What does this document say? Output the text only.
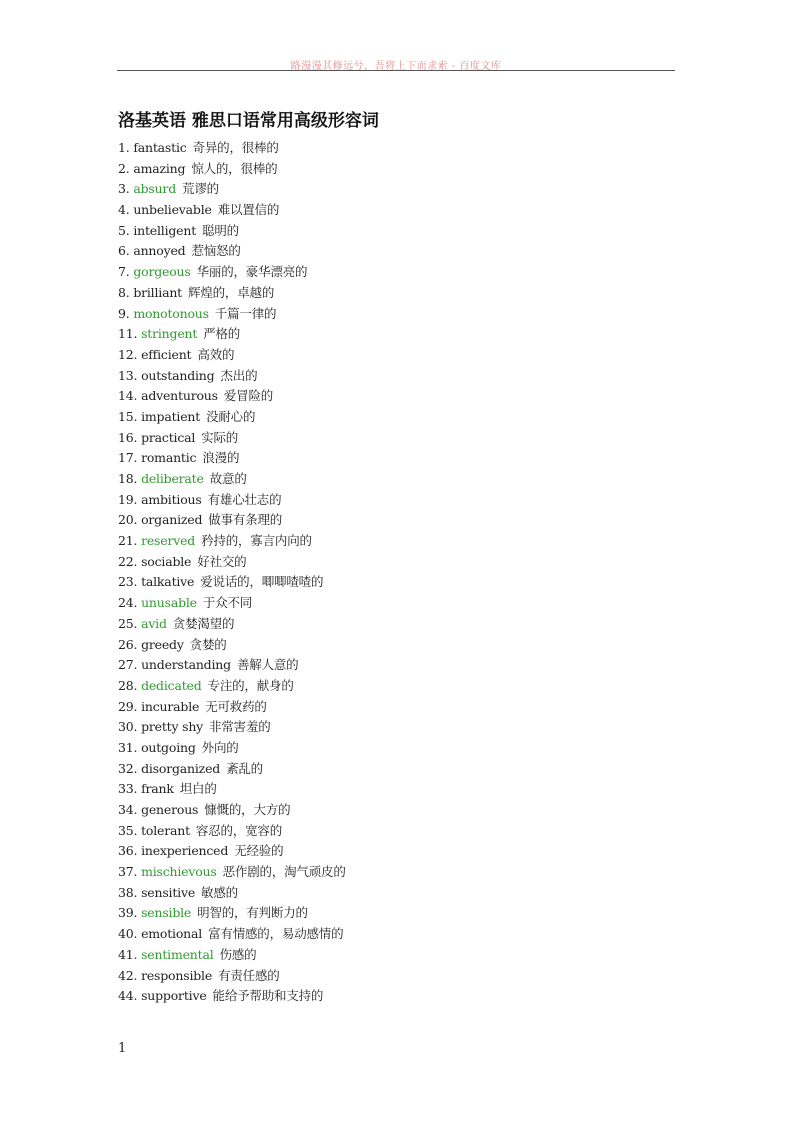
路漫漫其修远兮，吾将上下而求索 - 百度文库
洛基英语 雅思口语常用高级形容词
1. fantastic 奇异的，很棒的
2. amazing 惊人的，很棒的
3. absurd 荒谬的
4. unbelievable 难以置信的
5. intelligent 聪明的
6. annoyed 惹恼怒的
7. gorgeous 华丽的，豪华漂亮的
8. brilliant 辉煌的，卓越的
9. monotonous 千篇一律的
11. stringent 严格的
12. efficient 高效的
13. outstanding 杰出的
14. adventurous 爱冒险的
15. impatient 没耐心的
16. practical 实际的
17. romantic 浪漫的
18. deliberate 故意的
19. ambitious 有雄心壮志的
20. organized 做事有条理的
21. reserved 矜持的，寡言内向的
22. sociable 好社交的
23. talkative 爱说话的，唧唧喳喳的
24. unusable 于众不同
25. avid 贪婪渴望的
26. greedy 贪婪的
27. understanding 善解人意的
28. dedicated 专注的，献身的
29. incurable 无可救药的
30. pretty shy 非常害羞的
31. outgoing 外向的
32. disorganized 紊乱的
33. frank 坦白的
34. generous 慷慨的，大方的
35. tolerant 容忍的，宽容的
36. inexperienced 无经验的
37. mischievous 恶作剧的，淘气顽皮的
38. sensitive 敏感的
39. sensible 明智的，有判断力的
40. emotional 富有情感的，易动感情的
41. sentimental 伤感的
42. responsible 有责任感的
44. supportive 能给予帮助和支持的
1
